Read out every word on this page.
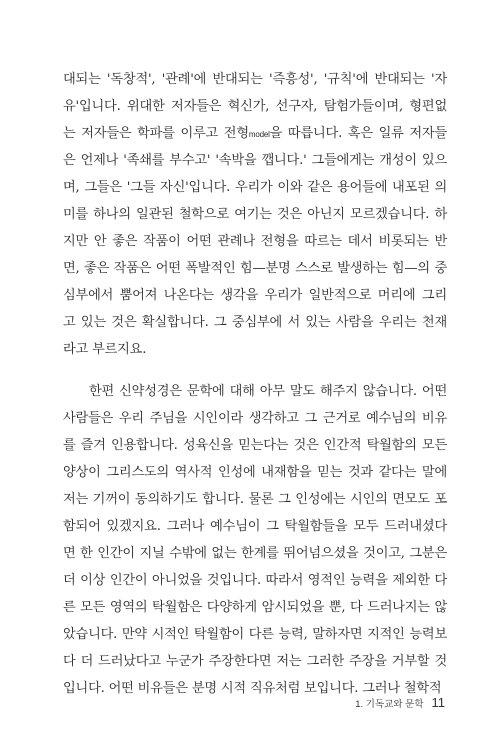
대되는 '독창적', '관례'에 반대되는 '즉흥성', '규칙'에 반대되는 '자
유'입니다. 위대한 저자들은 혁신가, 선구자, 탐험가들이며, 형편없
는 저자들은 학파를 이루고 전형model을 따릅니다. 혹은 일류 저자들
은 언제나 '족쇄를 부수고' '속박을 깹니다.' 그들에게는 개성이 있으
며, 그들은 '그들 자신'입니다. 우리가 이와 같은 용어들에 내포된 의
미를 하나의 일관된 철학으로 여기는 것은 아닌지 모르겠습니다. 하
지만 안 좋은 작품이 어떤 관례나 전형을 따르는 데서 비롯되는 반
면, 좋은 작품은 어떤 폭발적인 힘—분명 스스로 발생하는 힘—의 중
심부에서 뿜어져 나온다는 생각을 우리가 일반적으로 머리에 그리
고 있는 것은 확실합니다. 그 중심부에 서 있는 사람을 우리는 천재
라고 부르지요.
한편 신약성경은 문학에 대해 아무 말도 해주지 않습니다. 어떤
사람들은 우리 주님을 시인이라 생각하고 그 근거로 예수님의 비유
를 즐겨 인용합니다. 성육신을 믿는다는 것은 인간적 탁월함의 모든
양상이 그리스도의 역사적 인성에 내재함을 믿는 것과 같다는 말에
저는 기꺼이 동의하기도 합니다. 물론 그 인성에는 시인의 면모도 포
함되어 있겠지요. 그러나 예수님이 그 탁월함들을 모두 드러내셨다
면 한 인간이 지닐 수밖에 없는 한계를 뛰어넘으셨을 것이고, 그분은
더 이상 인간이 아니었을 것입니다. 따라서 영적인 능력을 제외한 다
른 모든 영역의 탁월함은 다양하게 암시되었을 뿐, 다 드러나지는 않
았습니다. 만약 시적인 탁월함이 다른 능력, 말하자면 지적인 능력보
다 더 드러났다고 누군가 주장한다면 저는 그러한 주장을 거부할 것
입니다. 어떤 비유들은 분명 시적 직유처럼 보입니다. 그러나 철학적
1. 기독교와 문학 11
